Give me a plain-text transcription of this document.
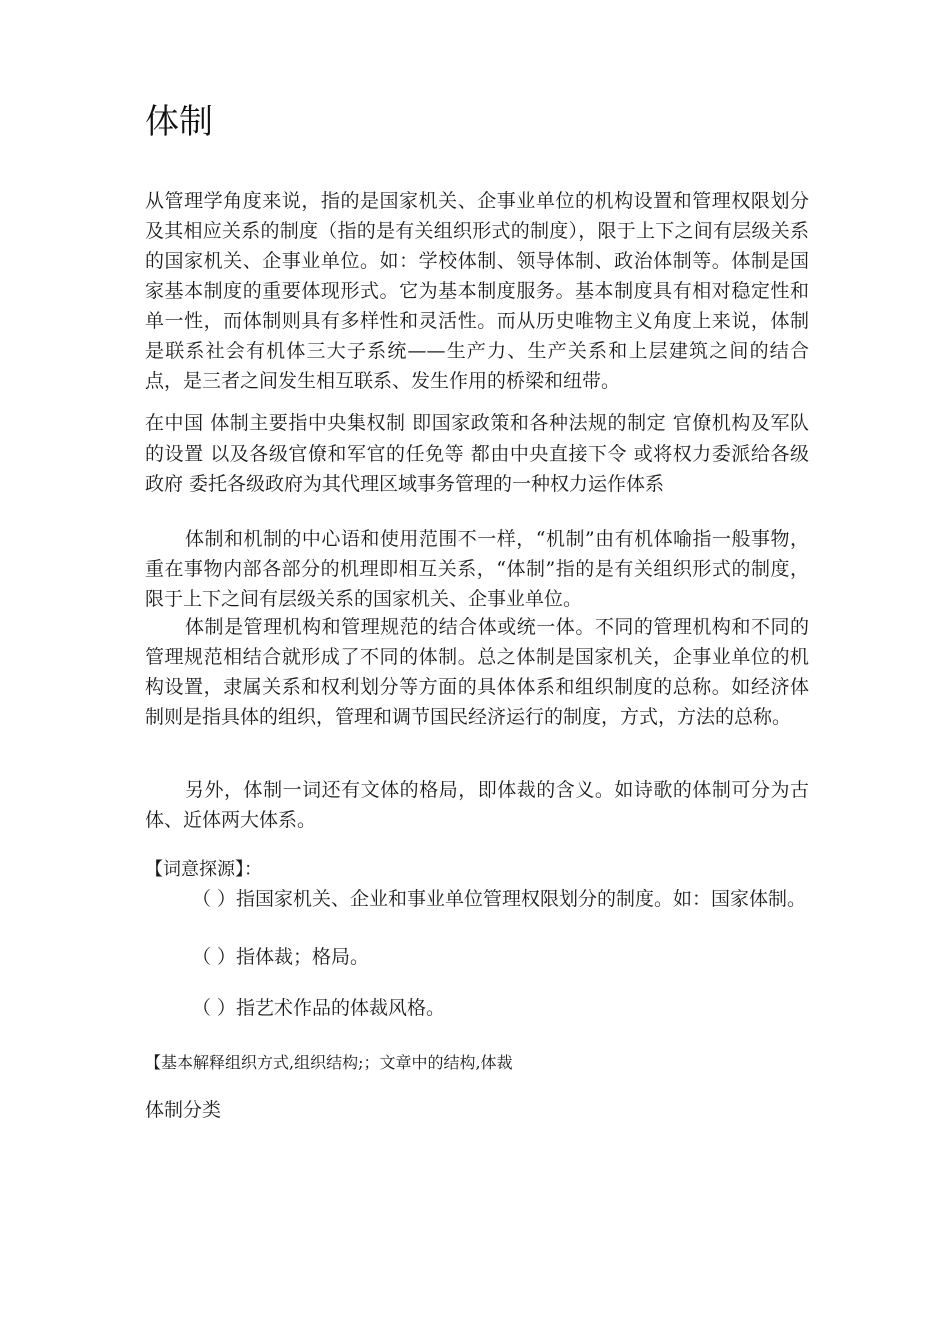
体制

从管理学角度来说，指的是国家机关、企事业单位的机构设置和管理权限划分及其相应关系的制度（指的是有关组织形式的制度），限于上下之间有层级关系的国家机关、企事业单位。如：学校体制、领导体制、政治体制等。体制是国家基本制度的重要体现形式。它为基本制度服务。基本制度具有相对稳定性和单一性，而体制则具有多样性和灵活性。而从历史唯物主义角度上来说，体制是联系社会有机体三大子系统——生产力、生产关系和上层建筑之间的结合点，是三者之间发生相互联系、发生作用的桥梁和纽带。

在中国 体制主要指中央集权制 即国家政策和各种法规的制定 官僚机构及军队的设置 以及各级官僚和军官的任免等 都由中央直接下令 或将权力委派给各级政府 委托各级政府为其代理区域事务管理的一种权力运作体系

体制和机制的中心语和使用范围不一样，“机制”由有机体喻指一般事物，重在事物内部各部分的机理即相互关系，“体制”指的是有关组织形式的制度，限于上下之间有层级关系的国家机关、企事业单位。

体制是管理机构和管理规范的结合体或统一体。不同的管理机构和不同的管理规范相结合就形成了不同的体制。总之体制是国家机关，企事业单位的机构设置，隶属关系和权利划分等方面的具体体系和组织制度的总称。如经济体制则是指具体的组织，管理和调节国民经济运行的制度，方式，方法的总称。

另外，体制一词还有文体的格局，即体裁的含义。如诗歌的体制可分为古体、近体两大体系。

【词意探源】：

（ ）指国家机关、企业和事业单位管理权限划分的制度。如：国家体制。

（ ）指体裁；格局。

（ ）指艺术作品的体裁风格。

【基本解释组织方式,组织结构;；文章中的结构,体裁

体制分类
